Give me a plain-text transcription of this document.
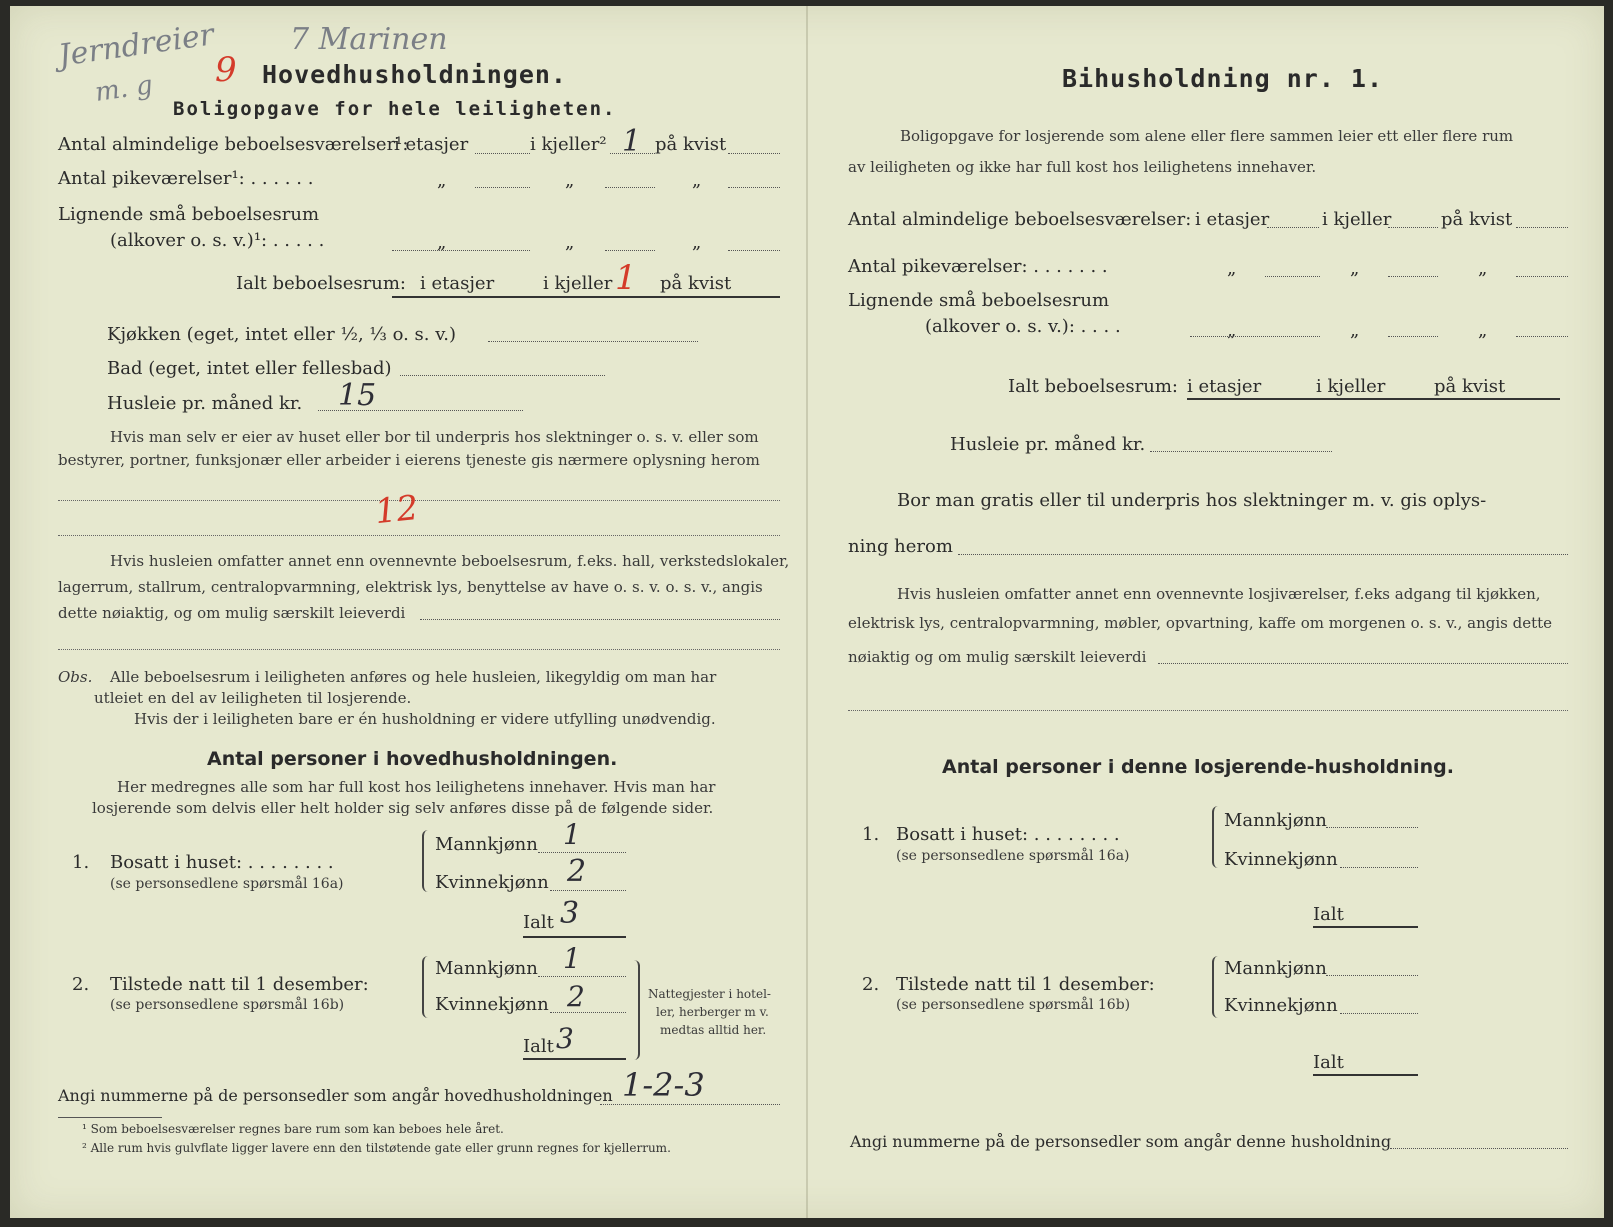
Jerndreier 7 Marinen
m. g 9 Hovedhusholdningen.
Boligopgave for hele leiligheten.
Antal almindelige beboelsesværelser¹:
i etasjer	i kjeller² 1 på kvist
Antal pikeværelser¹: . . . . . .	„	„	„
Lignende små beboelsesrum
(alkover o. s. v.)¹: . . . . .	„	„	„
Ialt beboelsesrum: i etasjer	i kjeller 1 på kvist
Kjøkken (eget, intet eller ½, ⅓ o. s. v.)
Bad (eget, intet eller fellesbad)
Husleie pr. måned kr. 15
Hvis man selv er eier av huset eller bor til underpris hos slektninger o. s. v. eller som
bestyrer, portner, funksjonær eller arbeider i eierens tjeneste gis nærmere oplysning herom
12
Hvis husleien omfatter annet enn ovennevnte beboelsesrum, f.eks. hall, verkstedslokaler,
lagerrum, stallrum, centralopvarmning, elektrisk lys, benyttelse av have o. s. v. o. s. v., angis
dette nøiaktig, og om mulig særskilt leieverdi
Obs. Alle beboelsesrum i leiligheten anføres og hele husleien, likegyldig om man har
utleiet en del av leiligheten til losjerende.
Hvis der i leiligheten bare er én husholdning er videre utfylling unødvendig.
Antal personer i hovedhusholdningen.
Her medregnes alle som har full kost hos leilighetens innehaver. Hvis man har
losjerende som delvis eller helt holder sig selv anføres disse på de følgende sider.
1. Bosatt i huset: . . . . . . . .
(se personsedlene spørsmål 16a)
Mannkjønn 1
Kvinnekjønn 2
Ialt 3
2. Tilstede natt til 1 desember:
(se personsedlene spørsmål 16b)
Mannkjønn 1
Kvinnekjønn 2
Ialt 3
Nattegjester i hotel-
ler, herberger m v.
medtas alltid her.
Angi nummerne på de personsedler som angår hovedhusholdningen 1-2-3
¹ Som beboelsesværelser regnes bare rum som kan beboes hele året.
² Alle rum hvis gulvflate ligger lavere enn den tilstøtende gate eller grunn regnes for kjellerrum.
Bihusholdning nr. 1.
Boligopgave for losjerende som alene eller flere sammen leier ett eller flere rum
av leiligheten og ikke har full kost hos leilighetens innehaver.
Antal almindelige beboelsesværelser: i etasjer	i kjeller	på kvist
Antal pikeværelser: . . . . . . .	„	„	„
Lignende små beboelsesrum
(alkover o. s. v.): . . . .	„	„	„
Ialt beboelsesrum: i etasjer	i kjeller	på kvist
Husleie pr. måned kr.
Bor man gratis eller til underpris hos slektninger m. v. gis oplys-
ning herom
Hvis husleien omfatter annet enn ovennevnte losjiværelser, f.eks adgang til kjøkken,
elektrisk lys, centralopvarmning, møbler, opvartning, kaffe om morgenen o. s. v., angis dette
nøiaktig og om mulig særskilt leieverdi
Antal personer i denne losjerende-husholdning.
1. Bosatt i huset: . . . . . . . .
(se personsedlene spørsmål 16a)
Mannkjønn
Kvinnekjønn
Ialt
2. Tilstede natt til 1 desember:
(se personsedlene spørsmål 16b)
Mannkjønn
Kvinnekjønn
Ialt
Angi nummerne på de personsedler som angår denne husholdning
